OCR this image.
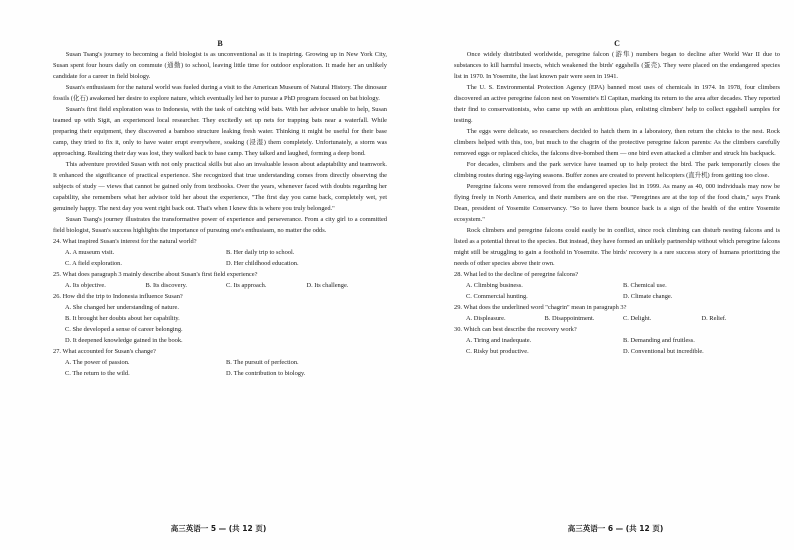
B

Susan Tsang's journey to becoming a field biologist is as unconventional as it is inspiring. Growing up in New York City, Susan spent four hours daily on commute (通勤) to school, leaving little time for outdoor exploration. It made her an unlikely candidate for a career in field biology.

Susan's enthusiasm for the natural world was fueled during a visit to the American Museum of Natural History. The dinosaur fossils (化石) awakened her desire to explore nature, which eventually led her to pursue a PhD program focused on bat biology.

Susan's first field exploration was to Indonesia, with the task of catching wild bats. With her advisor unable to help, Susan teamed up with Sigit, an experienced local researcher. They excitedly set up nets for trapping bats near a waterfall. While preparing their equipment, they discovered a bamboo structure leaking fresh water. Thinking it might be useful for their base camp, they tried to fix it, only to have water erupt everywhere, soaking (浸湿) them completely. Unfortunately, a storm was approaching. Realizing their day was lost, they walked back to base camp. They talked and laughed, forming a deep bond.

This adventure provided Susan with not only practical skills but also an invaluable lesson about adaptability and teamwork. It enhanced the significance of practical experience. She recognized that true understanding comes from directly observing the subjects of study — views that cannot be gained only from textbooks. Over the years, whenever faced with doubts regarding her capability, she remembers what her advisor told her about the experience, "The first day you came back, completely wet, yet genuinely happy. The next day you went right back out. That's when I knew this is where you truly belonged."

Susan Tsang's journey illustrates the transformative power of experience and perseverance. From a city girl to a committed field biologist, Susan's success highlights the importance of pursuing one's enthusiasm, no matter the odds.

24. What inspired Susan's interest for the natural world?

A. A museum visit.	B. Her daily trip to school.
C. A field exploration.	D. Her childhood education.

25. What does paragraph 3 mainly describe about Susan's first field experience?

A. Its objective.	B. Its discovery.	C. Its approach.	D. Its challenge.

26. How did the trip to Indonesia influence Susan?

A. She changed her understanding of nature.
B. It brought her doubts about her capability.
C. She developed a sense of career belonging.
D. It deepened knowledge gained in the book.

27. What accounted for Susan's change?

A. The power of passion.	B. The pursuit of perfection.
C. The return to the wild.	D. The contribution to biology.
高三英语一 5 — (共 12 页)
C

Once widely distributed worldwide, peregrine falcon (游隼) numbers began to decline after World War II due to substances to kill harmful insects, which weakened the birds' eggshells (蛋壳). They were placed on the endangered species list in 1970. In Yosemite, the last known pair were seen in 1941.

The U. S. Environmental Protection Agency (EPA) banned most uses of chemicals in 1974. In 1978, four climbers discovered an active peregrine falcon nest on Yosemite's El Capitan, marking its return to the area after decades. They reported their find to conservationists, who came up with an ambitious plan, enlisting climbers' help to collect eggshell samples for testing.

The eggs were delicate, so researchers decided to hatch them in a laboratory, then return the chicks to the nest. Rock climbers helped with this, too, but much to the chagrin of the protective peregrine falcon parents: As the climbers carefully removed eggs or replaced chicks, the falcons dive-bombed them — one bird even attacked a climber and struck his backpack.

For decades, climbers and the park service have teamed up to help protect the bird. The park temporarily closes the climbing routes during egg-laying seasons. Buffer zones are created to prevent helicopters (直升机) from getting too close.

Peregrine falcons were removed from the endangered species list in 1999. As many as 40, 000 individuals may now be flying freely in North America, and their numbers are on the rise. "Peregrines are at the top of the food chain," says Frank Dean, president of Yosemite Conservancy. "So to have them bounce back is a sign of the health of the entire Yosemite ecosystem."

Rock climbers and peregrine falcons could easily be in conflict, since rock climbing can disturb nesting falcons and is listed as a potential threat to the species. But instead, they have formed an unlikely partnership without which peregrine falcons might still be struggling to gain a foothold in Yosemite. The birds' recovery is a rare success story of humans prioritizing the needs of other species above their own.

28. What led to the decline of peregrine falcons?

A. Climbing business.	B. Chemical use.
C. Commercial hunting.	D. Climate change.

29. What does the underlined word "chagrin" mean in paragraph 3?

A. Displeasure.	B. Disappointment.	C. Delight.	D. Relief.

30. Which can best describe the recovery work?

A. Tiring and inadequate.	B. Demanding and fruitless.
C. Risky but productive.	D. Conventional but incredible.
高三英语一 6 — (共 12 页)
